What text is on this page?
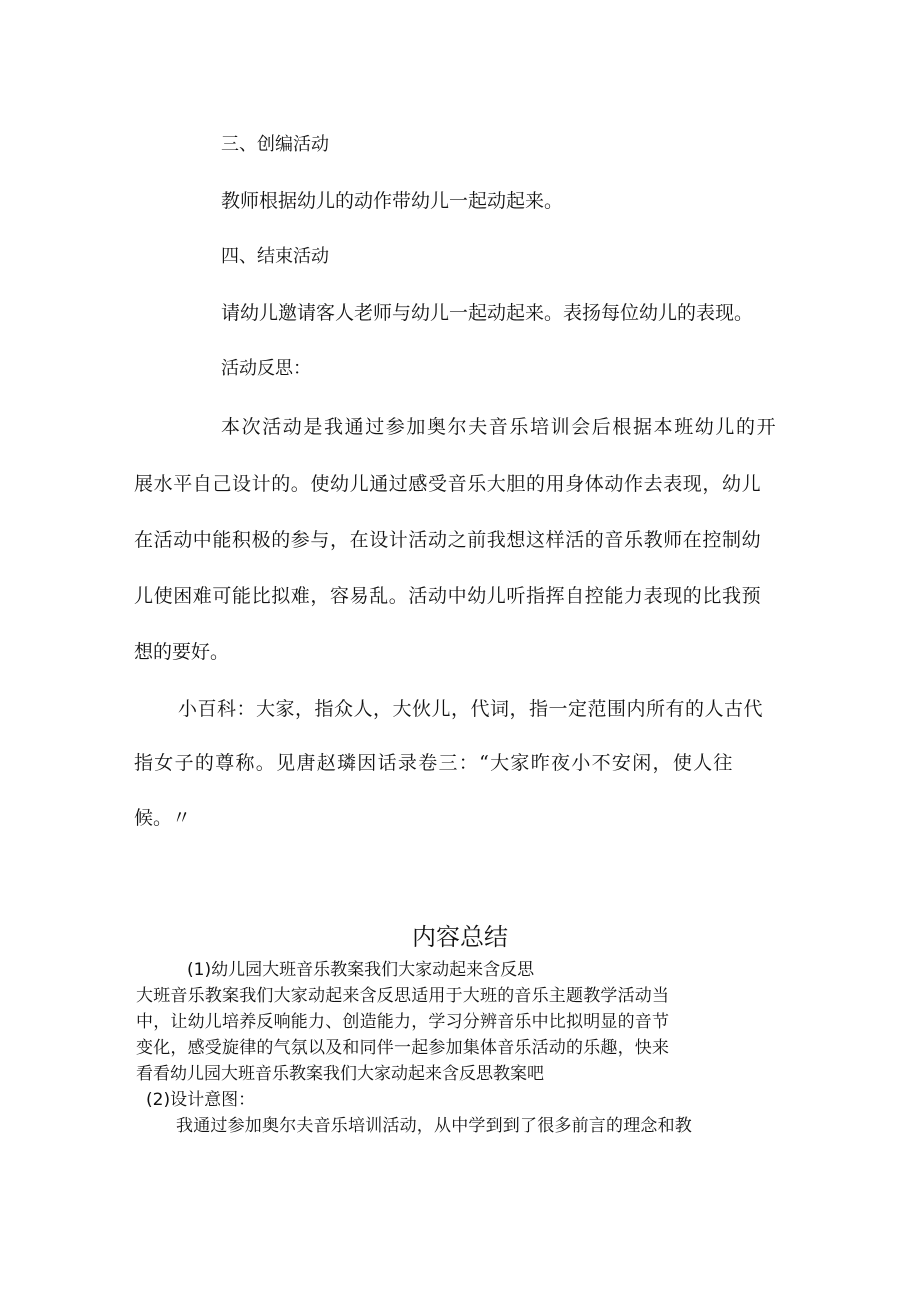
三、创编活动
教师根据幼儿的动作带幼儿一起动起来。
四、结束活动
请幼儿邀请客人老师与幼儿一起动起来。表扬每位幼儿的表现。
活动反思：
本次活动是我通过参加奥尔夫音乐培训会后根据本班幼儿的开
展水平自己设计的。使幼儿通过感受音乐大胆的用身体动作去表现，幼儿
在活动中能积极的参与，在设计活动之前我想这样活的音乐教师在控制幼
儿使困难可能比拟难，容易乱。活动中幼儿听指挥自控能力表现的比我预
想的要好。
小百科：大家，指众人，大伙儿，代词，指一定范围内所有的人古代
指女子的尊称。见唐赵璘因话录卷三：“大家昨夜小不安闲，使人往
候。〃
内容总结
(1)幼儿园大班音乐教案我们大家动起来含反思
大班音乐教案我们大家动起来含反思适用于大班的音乐主题教学活动当
中，让幼儿培养反响能力、创造能力，学习分辨音乐中比拟明显的音节
变化，感受旋律的气氛以及和同伴一起参加集体音乐活动的乐趣，快来
看看幼儿园大班音乐教案我们大家动起来含反思教案吧
(2)设计意图：
我通过参加奥尔夫音乐培训活动，从中学到到了很多前言的理念和教
